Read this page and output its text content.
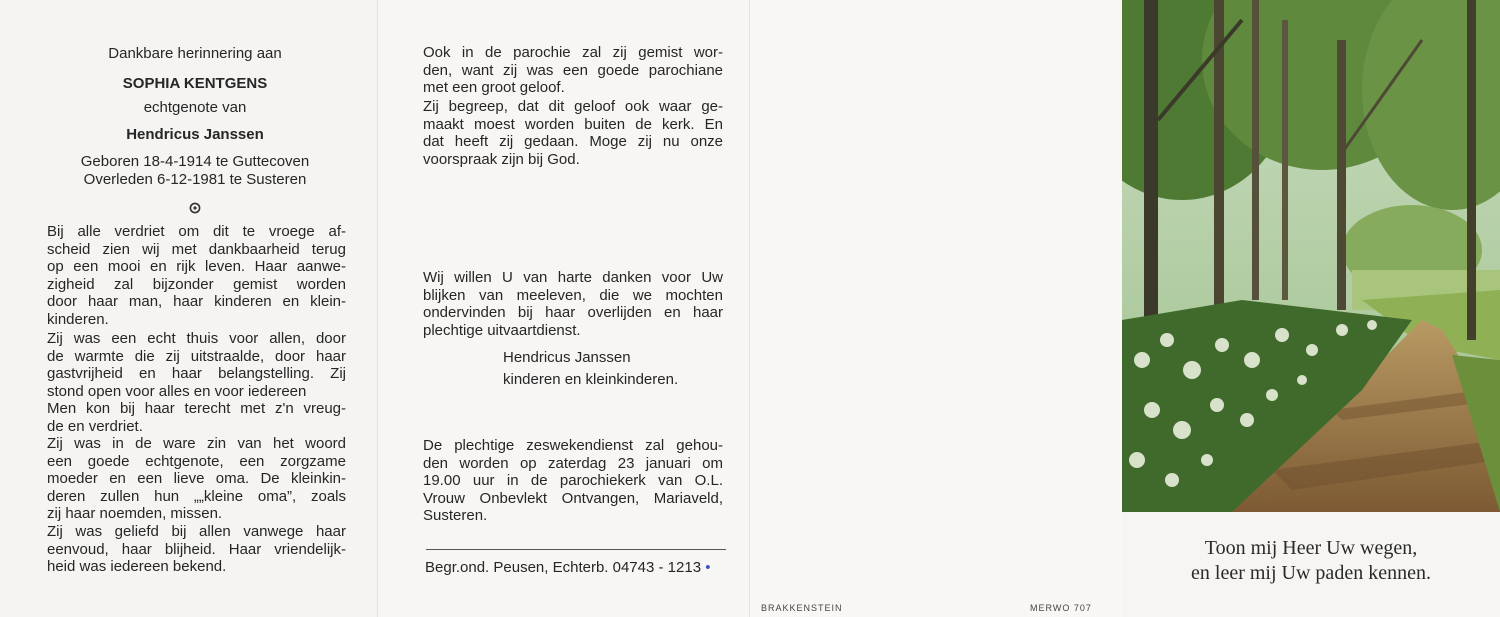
Dankbare herinnering aan
SOPHIA KENTGENS
echtgenote van
Hendricus Janssen
Geboren 18-4-1914 te Guttecoven
Overleden 6-12-1981 te Susteren
Bij alle verdriet om dit te vroege af-
scheid zien wij met dankbaarheid terug
op een mooi en rijk leven. Haar aanwe-
zigheid zal bijzonder gemist worden
door haar man, haar kinderen en klein-
kinderen.
Zij was een echt thuis voor allen, door
de warmte die zij uitstraalde, door haar
gastvrijheid en haar belangstelling. Zij
stond open voor alles en voor iedereen
Men kon bij haar terecht met z'n vreug-
de en verdriet.
Zij was in de ware zin van het woord
een goede echtgenote, een zorgzame
moeder en een lieve oma. De kleinkin-
deren zullen hun „„kleine oma”, zoals
zij haar noemden, missen.
Zij was geliefd bij allen vanwege haar
eenvoud, haar blijheid. Haar vriendelijk-
heid was iedereen bekend.
Ook in de parochie zal zij gemist wor-
den, want zij was een goede parochiane
met een groot geloof.
Zij begreep, dat dit geloof ook waar ge-
maakt moest worden buiten de kerk. En
dat heeft zij gedaan. Moge zij nu onze
voorspraak zijn bij God.
Wij willen U van harte danken voor Uw
blijken van meeleven, die we mochten
ondervinden bij haar overlijden en haar
plechtige uitvaartdienst.
Hendricus Janssen
kinderen en kleinkinderen.
De plechtige zeswekendienst zal gehou-
den worden op zaterdag 23 januari om
19.00 uur in de parochiekerk van O.L.
Vrouw Onbevlekt Ontvangen, Mariaveld,
Susteren.
Begr.ond. Peusen, Echterb. 04743 - 1213 •
BRAKKENSTEIN	MERWO 707
Toon mij Heer Uw wegen,
en leer mij Uw paden kennen.
